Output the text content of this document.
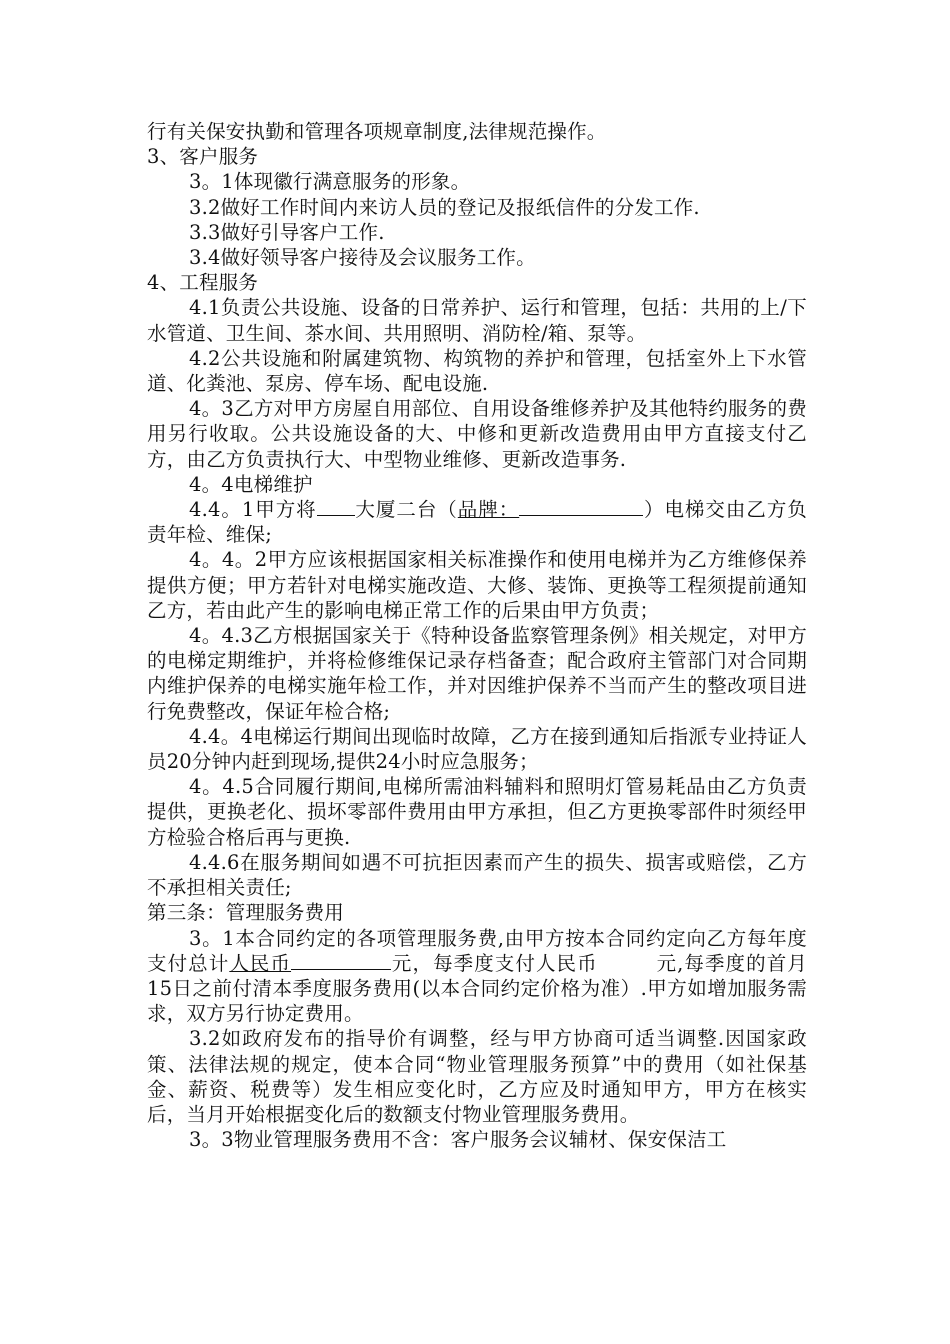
行有关保安执勤和管理各项规章制度,法律规范操作。

3、客户服务

3。1体现徽行满意服务的形象。

3.2做好工作时间内来访人员的登记及报纸信件的分发工作.

3.3做好引导客户工作.

3.4做好领导客户接待及会议服务工作。

4、工程服务

4.1负责公共设施、设备的日常养护、运行和管理，包括：共用的上/下水管道、卫生间、茶水间、共用照明、消防栓/箱、泵等。

4.2公共设施和附属建筑物、构筑物的养护和管理，包括室外上下水管道、化粪池、泵房、停车场、配电设施.

4。3乙方对甲方房屋自用部位、自用设备维修养护及其他特约服务的费用另行收取。公共设施设备的大、中修和更新改造费用由甲方直接支付乙方，由乙方负责执行大、中型物业维修、更新改造事务.

4。4电梯维护

4.4。1甲方将 大厦二台（品牌：	）电梯交由乙方负责年检、维保;

4。4。2甲方应该根据国家相关标准操作和使用电梯并为乙方维修保养提供方便；甲方若针对电梯实施改造、大修、装饰、更换等工程须提前通知乙方，若由此产生的影响电梯正常工作的后果由甲方负责；

4。4.3乙方根据国家关于《特种设备监察管理条例》相关规定，对甲方的电梯定期维护，并将检修维保记录存档备查；配合政府主管部门对合同期内维护保养的电梯实施年检工作，并对因维护保养不当而产生的整改项目进行免费整改，保证年检合格;

4.4。4电梯运行期间出现临时故障，乙方在接到通知后指派专业持证人员20分钟内赶到现场,提供24小时应急服务；

4。4.5合同履行期间,电梯所需油料辅料和照明灯管易耗品由乙方负责提供，更换老化、损坏零部件费用由甲方承担，但乙方更换零部件时须经甲方检验合格后再与更换.

4.4.6在服务期间如遇不可抗拒因素而产生的损失、损害或赔偿，乙方不承担相关责任;

第三条：管理服务费用

3。1本合同约定的各项管理服务费,由甲方按本合同约定向乙方每年度支付总计人民币	元，每季度支付人民币	元,每季度的首月15日之前付清本季度服务费用(以本合同约定价格为准）.甲方如增加服务需求，双方另行协定费用。

3.2如政府发布的指导价有调整，经与甲方协商可适当调整.因国家政策、法律法规的规定，使本合同“物业管理服务预算”中的费用（如社保基金、薪资、税费等）发生相应变化时，乙方应及时通知甲方，甲方在核实后，当月开始根据变化后的数额支付物业管理服务费用。

3。3物业管理服务费用不含：客户服务会议辅材、保安保洁工
